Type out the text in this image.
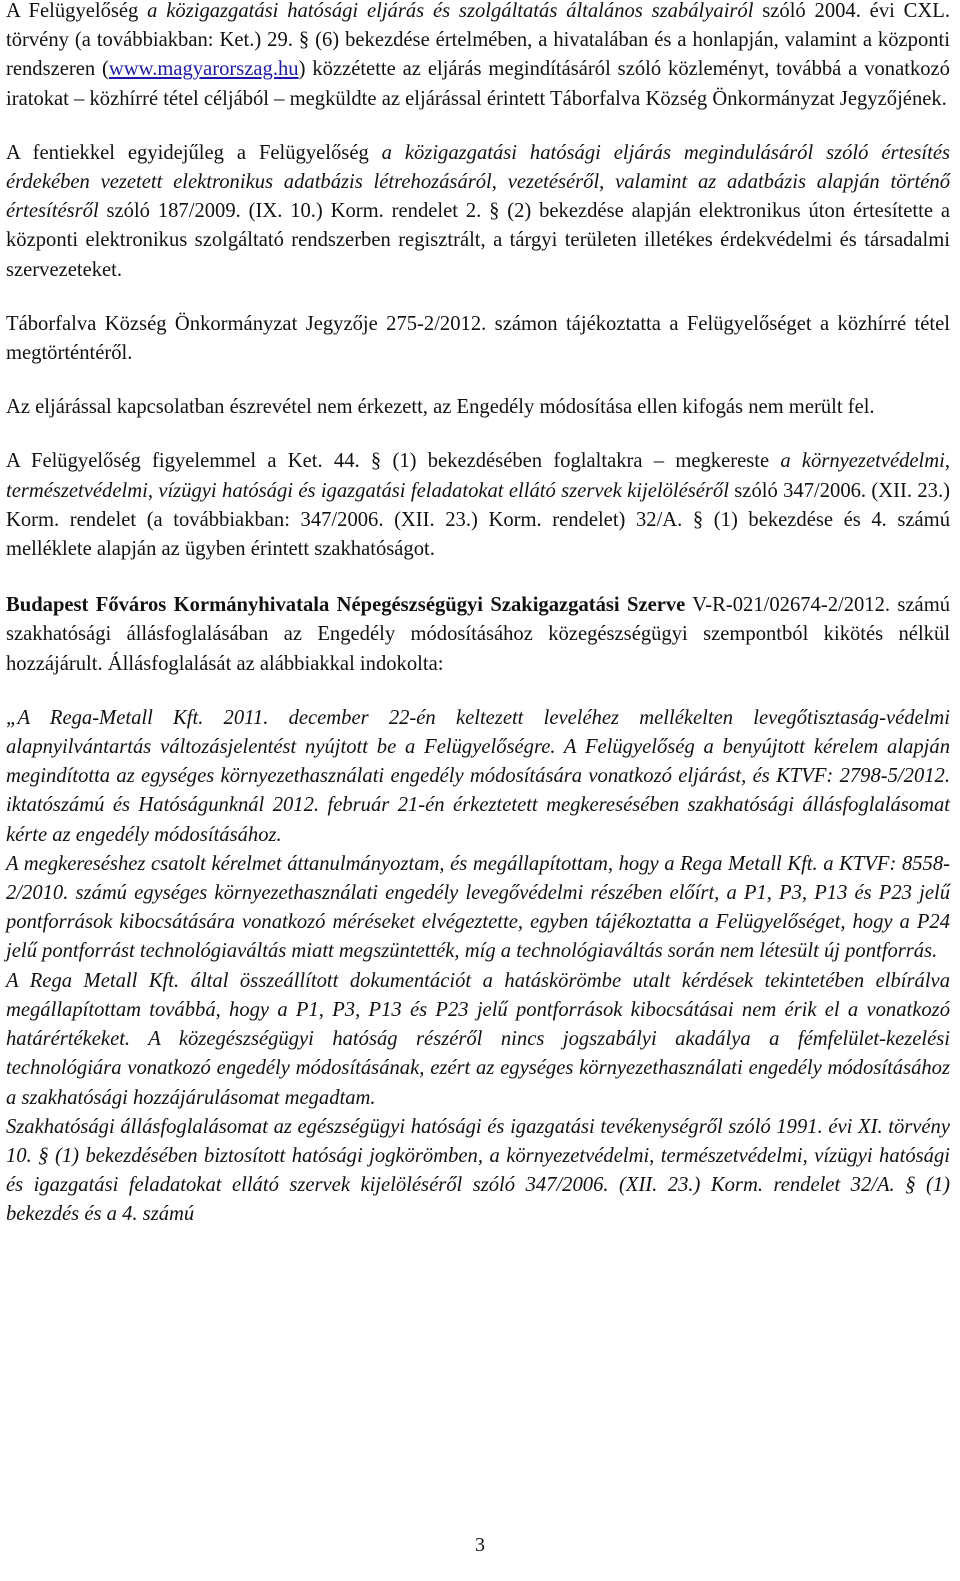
A Felügyelőség a közigazgatási hatósági eljárás és szolgáltatás általános szabályairól szóló 2004. évi CXL. törvény (a továbbiakban: Ket.) 29. § (6) bekezdése értelmében, a hivatalában és a honlapján, valamint a központi rendszeren (www.magyarorszag.hu) közzétette az eljárás megindításáról szóló közleményt, továbbá a vonatkozó iratokat – közhírré tétel céljából – megküldte az eljárással érintett Táborfalva Község Önkormányzat Jegyzőjének.

A fentiekkel egyidejűleg a Felügyelőség a közigazgatási hatósági eljárás megindulásáról szóló értesítés érdekében vezetett elektronikus adatbázis létrehozásáról, vezetéséről, valamint az adatbázis alapján történő értesítésről szóló 187/2009. (IX. 10.) Korm. rendelet 2. § (2) bekezdése alapján elektronikus úton értesítette a központi elektronikus szolgáltató rendszerben regisztrált, a tárgyi területen illetékes érdekvédelmi és társadalmi szervezeteket.

Táborfalva Község Önkormányzat Jegyzője 275-2/2012. számon tájékoztatta a Felügyelőséget a közhírré tétel megtörténtéről.

Az eljárással kapcsolatban észrevétel nem érkezett, az Engedély módosítása ellen kifogás nem merült fel.

A Felügyelőség figyelemmel a Ket. 44. § (1) bekezdésében foglaltakra – megkereste a környezetvédelmi, természetvédelmi, vízügyi hatósági és igazgatási feladatokat ellátó szervek kijelöléséről szóló 347/2006. (XII. 23.) Korm. rendelet (a továbbiakban: 347/2006. (XII. 23.) Korm. rendelet) 32/A. § (1) bekezdése és 4. számú melléklete alapján az ügyben érintett szakhatóságot.

Budapest Főváros Kormányhivatala Népegészségügyi Szakigazgatási Szerve V-R-021/02674-2/2012. számú szakhatósági állásfoglalásában az Engedély módosításához közegészségügyi szempontból kikötés nélkül hozzájárult. Állásfoglalását az alábbiakkal indokolta:

„A Rega-Metall Kft. 2011. december 22-én keltezett leveléhez mellékelten levegőtisztaság-védelmi alapnyilvántartás változásjelentést nyújtott be a Felügyelőségre. A Felügyelőség a benyújtott kérelem alapján megindította az egységes környezethasználati engedély módosítására vonatkozó eljárást, és KTVF: 2798-5/2012. iktatószámú és Hatóságunknál 2012. február 21-én érkeztetett megkeresésében szakhatósági állásfoglalásomat kérte az engedély módosításához.

A megkereséshez csatolt kérelmet áttanulmányoztam, és megállapítottam, hogy a Rega Metall Kft. a KTVF: 8558-2/2010. számú egységes környezethasználati engedély levegővédelmi részében előírt, a P1, P3, P13 és P23 jelű pontforrások kibocsátására vonatkozó méréseket elvégeztette, egyben tájékoztatta a Felügyelőséget, hogy a P24 jelű pontforrást technológiaváltás miatt megszüntették, míg a technológiaváltás során nem létesült új pontforrás.

A Rega Metall Kft. által összeállított dokumentációt a hatáskörömbe utalt kérdések tekintetében elbírálva megállapítottam továbbá, hogy a P1, P3, P13 és P23 jelű pontforrások kibocsátásai nem érik el a vonatkozó határértékeket. A közegészségügyi hatóság részéről nincs jogszabályi akadálya a fémfelület-kezelési technológiára vonatkozó engedély módosításának, ezért az egységes környezethasználati engedély módosításához a szakhatósági hozzájárulásomat megadtam.

Szakhatósági állásfoglalásomat az egészségügyi hatósági és igazgatási tevékenységről szóló 1991. évi XI. törvény 10. § (1) bekezdésében biztosított hatósági jogkörömben, a környezetvédelmi, természetvédelmi, vízügyi hatósági és igazgatási feladatokat ellátó szervek kijelöléséről szóló 347/2006. (XII. 23.) Korm. rendelet 32/A. § (1) bekezdés és a 4. számú

3
